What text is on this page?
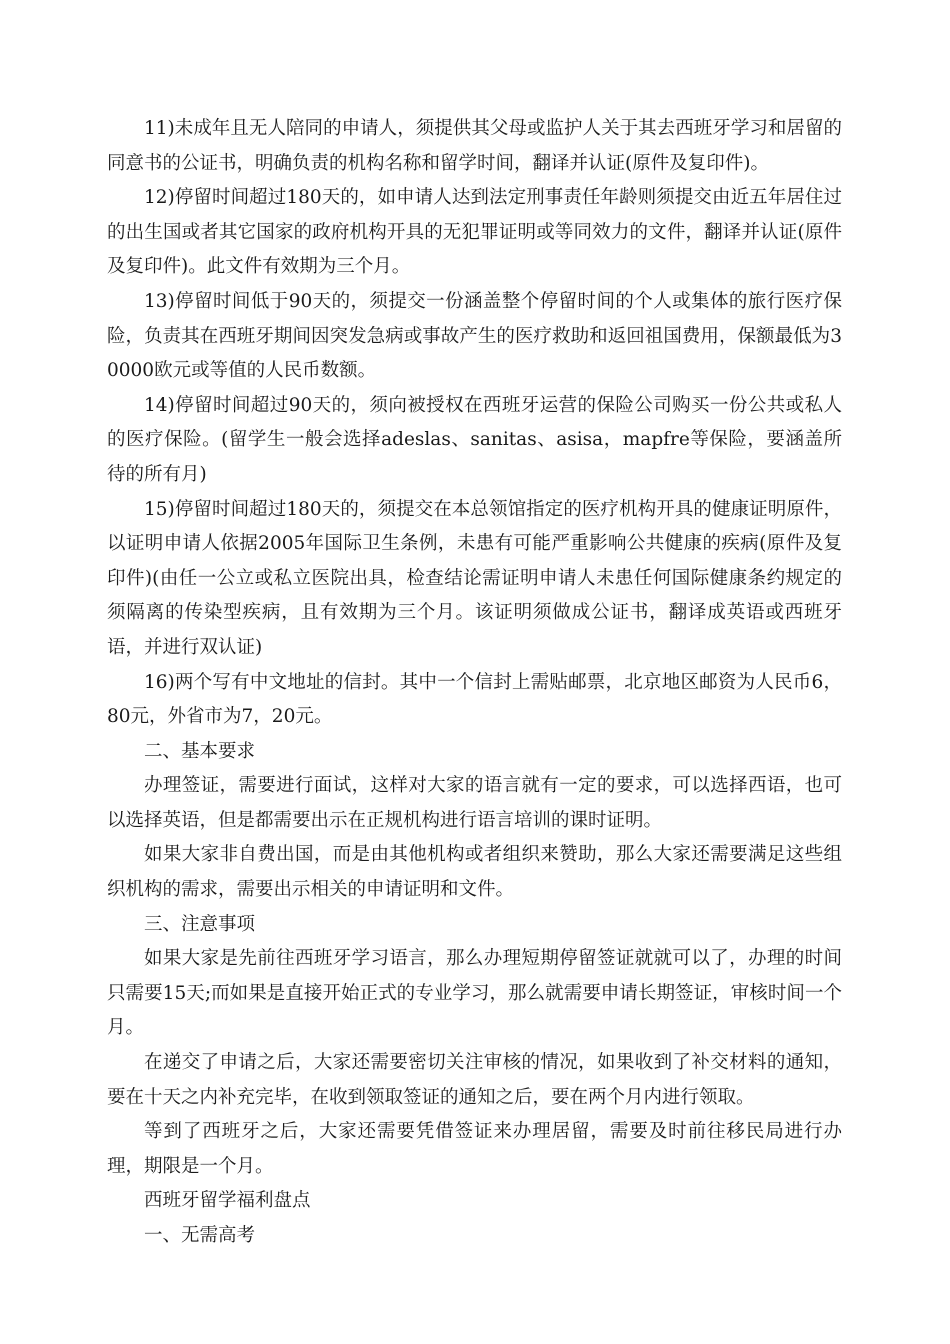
11)未成年且无人陪同的申请人，须提供其父母或监护人关于其去西班牙学习和居留的同意书的公证书，明确负责的机构名称和留学时间，翻译并认证(原件及复印件)。

12)停留时间超过180天的，如申请人达到法定刑事责任年龄则须提交由近五年居住过的出生国或者其它国家的政府机构开具的无犯罪证明或等同效力的文件，翻译并认证(原件及复印件)。此文件有效期为三个月。

13)停留时间低于90天的，须提交一份涵盖整个停留时间的个人或集体的旅行医疗保险，负责其在西班牙期间因突发急病或事故产生的医疗救助和返回祖国费用，保额最低为30000欧元或等值的人民币数额。

14)停留时间超过90天的，须向被授权在西班牙运营的保险公司购买一份公共或私人的医疗保险。(留学生一般会选择adeslas、sanitas、asisa，mapfre等保险，要涵盖所待的所有月)

15)停留时间超过180天的，须提交在本总领馆指定的医疗机构开具的健康证明原件，以证明申请人依据2005年国际卫生条例，未患有可能严重影响公共健康的疾病(原件及复印件)(由任一公立或私立医院出具，检查结论需证明申请人未患任何国际健康条约规定的须隔离的传染型疾病，且有效期为三个月。该证明须做成公证书，翻译成英语或西班牙语，并进行双认证)

16)两个写有中文地址的信封。其中一个信封上需贴邮票，北京地区邮资为人民币6，80元，外省市为7，20元。

二、基本要求

办理签证，需要进行面试，这样对大家的语言就有一定的要求，可以选择西语，也可以选择英语，但是都需要出示在正规机构进行语言培训的课时证明。

如果大家非自费出国，而是由其他机构或者组织来赞助，那么大家还需要满足这些组织机构的需求，需要出示相关的申请证明和文件。

三、注意事项

如果大家是先前往西班牙学习语言，那么办理短期停留签证就就可以了，办理的时间只需要15天;而如果是直接开始正式的专业学习，那么就需要申请长期签证，审核时间一个月。

在递交了申请之后，大家还需要密切关注审核的情况，如果收到了补交材料的通知，要在十天之内补充完毕，在收到领取签证的通知之后，要在两个月内进行领取。

等到了西班牙之后，大家还需要凭借签证来办理居留，需要及时前往移民局进行办理，期限是一个月。

西班牙留学福利盘点

一、无需高考
